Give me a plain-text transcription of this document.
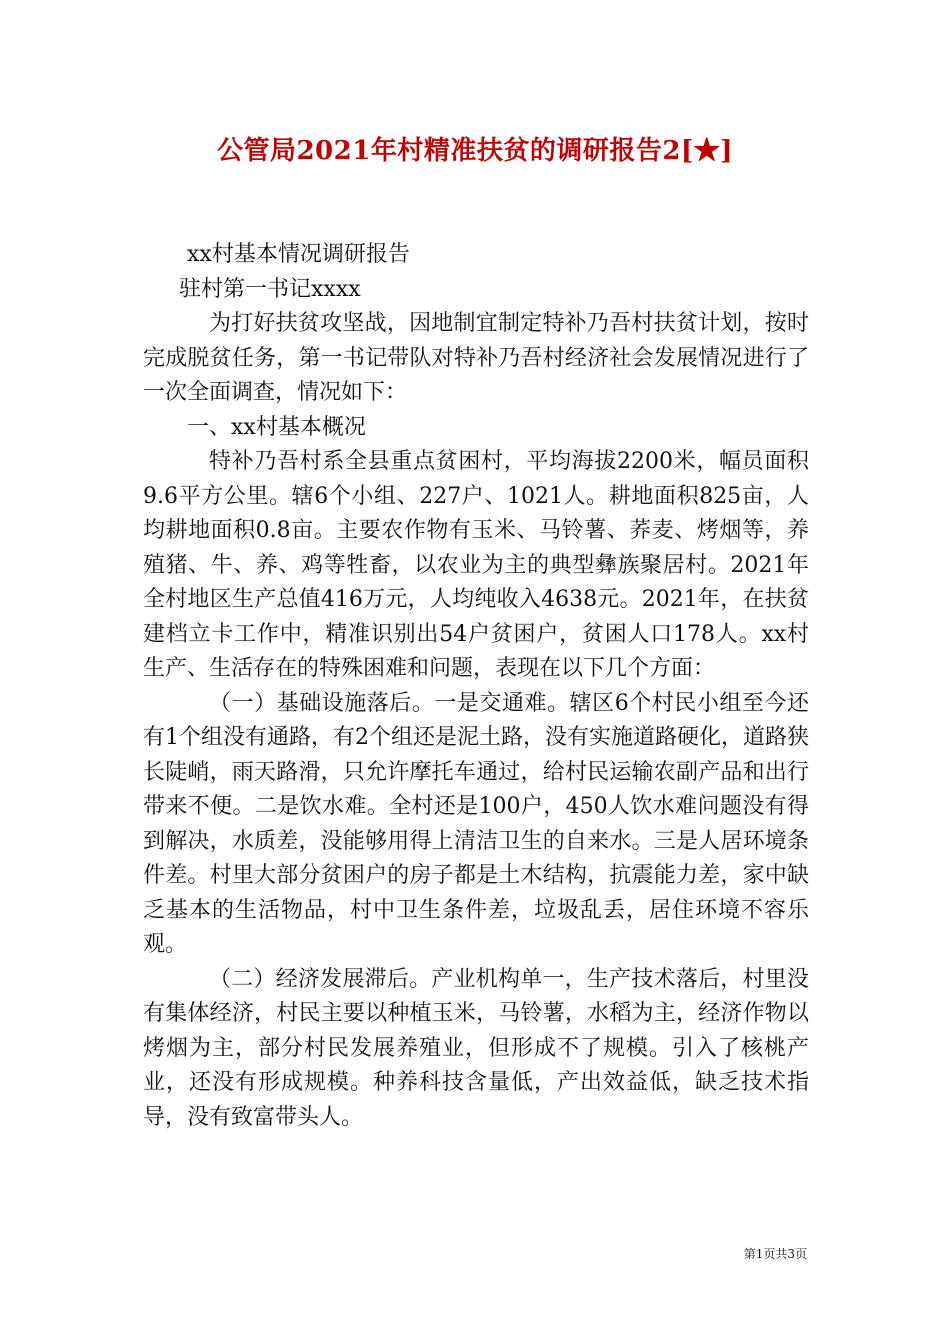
公管局2021年村精准扶贫的调研报告2[★]

xx村基本情况调研报告

驻村第一书记xxxx

为打好扶贫攻坚战，因地制宜制定特补乃吾村扶贫计划，按时完成脱贫任务，第一书记带队对特补乃吾村经济社会发展情况进行了一次全面调查，情况如下：

一、xx村基本概况

特补乃吾村系全县重点贫困村，平均海拔2200米，幅员面积9.6平方公里。辖6个小组、227户、1021人。耕地面积825亩，人均耕地面积0.8亩。主要农作物有玉米、马铃薯、荞麦、烤烟等，养殖猪、牛、养、鸡等牲畜，以农业为主的典型彝族聚居村。2021年全村地区生产总值416万元，人均纯收入4638元。2021年，在扶贫建档立卡工作中，精准识别出54户贫困户，贫困人口178人。xx村生产、生活存在的特殊困难和问题，表现在以下几个方面：

（一）基础设施落后。一是交通难。辖区6个村民小组至今还有1个组没有通路，有2个组还是泥土路，没有实施道路硬化，道路狭长陡峭，雨天路滑，只允许摩托车通过，给村民运输农副产品和出行带来不便。二是饮水难。全村还是100户，450人饮水难问题没有得到解决，水质差，没能够用得上清洁卫生的自来水。三是人居环境条件差。村里大部分贫困户的房子都是土木结构，抗震能力差，家中缺乏基本的生活物品，村中卫生条件差，垃圾乱丢，居住环境不容乐观。

（二）经济发展滞后。产业机构单一，生产技术落后，村里没有集体经济，村民主要以种植玉米，马铃薯，水稻为主，经济作物以烤烟为主，部分村民发展养殖业，但形成不了规模。引入了核桃产业，还没有形成规模。种养科技含量低，产出效益低，缺乏技术指导，没有致富带头人。

第1页共3页
